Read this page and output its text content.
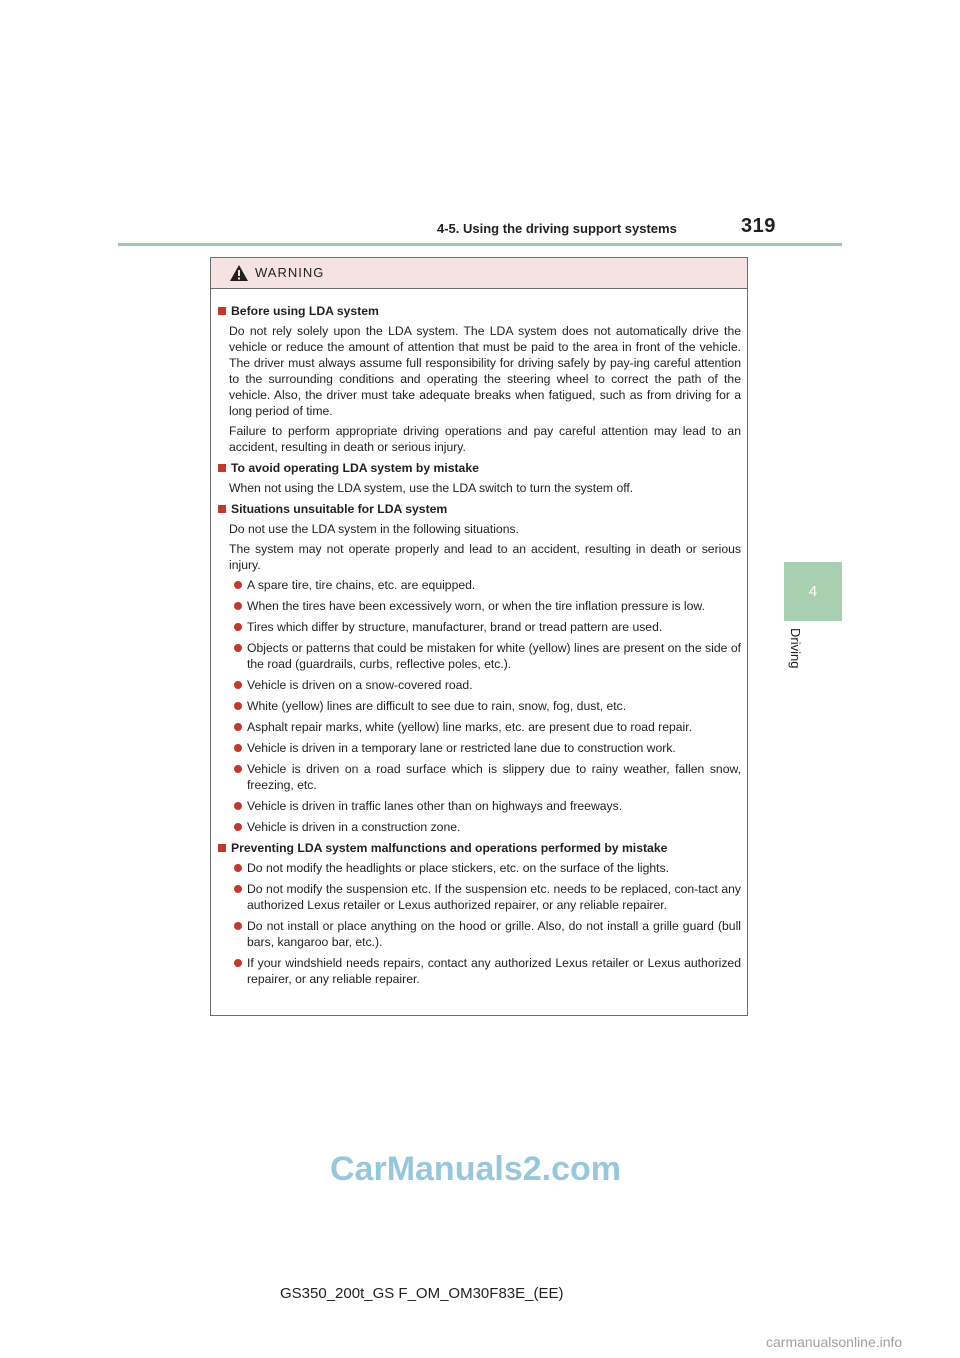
4-5. Using the driving support systems	319
4
Driving
WARNING
Before using LDA system
Do not rely solely upon the LDA system. The LDA system does not automatically drive the vehicle or reduce the amount of attention that must be paid to the area in front of the vehicle. The driver must always assume full responsibility for driving safely by pay-ing careful attention to the surrounding conditions and operating the steering wheel to correct the path of the vehicle. Also, the driver must take adequate breaks when fatigued, such as from driving for a long period of time.
Failure to perform appropriate driving operations and pay careful attention may lead to an accident, resulting in death or serious injury.
To avoid operating LDA system by mistake
When not using the LDA system, use the LDA switch to turn the system off.
Situations unsuitable for LDA system
Do not use the LDA system in the following situations.
The system may not operate properly and lead to an accident, resulting in death or serious injury.
A spare tire, tire chains, etc. are equipped.
When the tires have been excessively worn, or when the tire inflation pressure is low.
Tires which differ by structure, manufacturer, brand or tread pattern are used.
Objects or patterns that could be mistaken for white (yellow) lines are present on the side of the road (guardrails, curbs, reflective poles, etc.).
Vehicle is driven on a snow-covered road.
White (yellow) lines are difficult to see due to rain, snow, fog, dust, etc.
Asphalt repair marks, white (yellow) line marks, etc. are present due to road repair.
Vehicle is driven in a temporary lane or restricted lane due to construction work.
Vehicle is driven on a road surface which is slippery due to rainy weather, fallen snow, freezing, etc.
Vehicle is driven in traffic lanes other than on highways and freeways.
Vehicle is driven in a construction zone.
Preventing LDA system malfunctions and operations performed by mistake
Do not modify the headlights or place stickers, etc. on the surface of the lights.
Do not modify the suspension etc. If the suspension etc. needs to be replaced, con-tact any authorized Lexus retailer or Lexus authorized repairer, or any reliable repairer.
Do not install or place anything on the hood or grille. Also, do not install a grille guard (bull bars, kangaroo bar, etc.).
If your windshield needs repairs, contact any authorized Lexus retailer or Lexus authorized repairer, or any reliable repairer.
CarManuals2.com
GS350_200t_GS F_OM_OM30F83E_(EE)
carmanualsonline.info
